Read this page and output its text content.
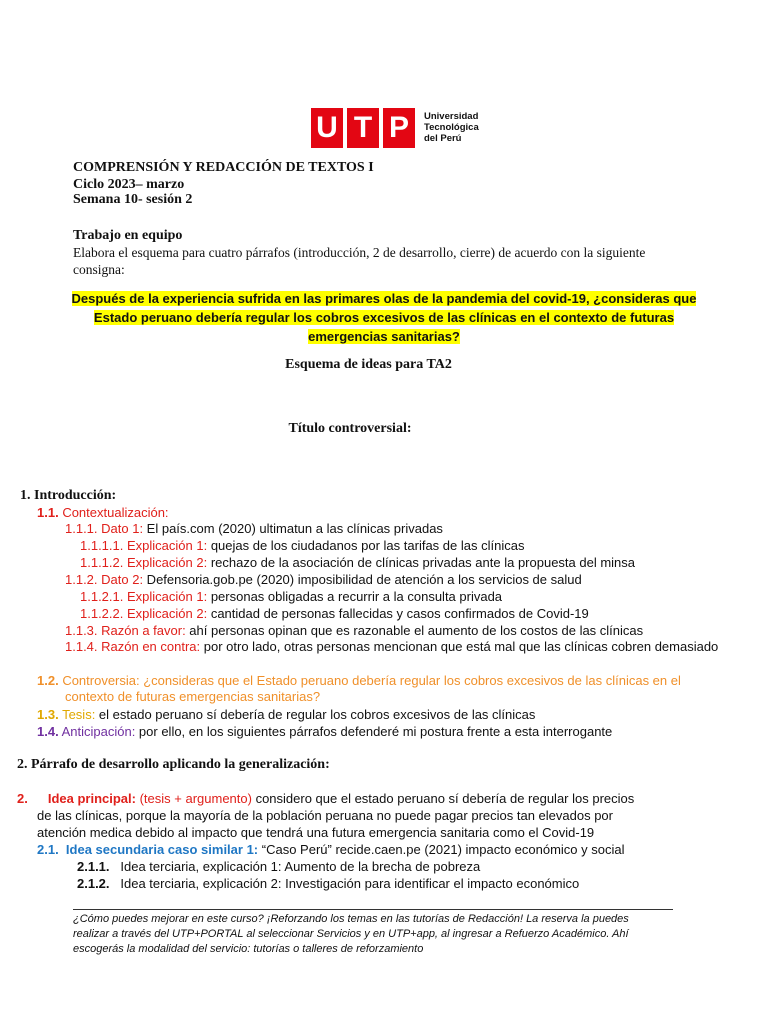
U T P	Universidad
Tecnológica
del Perú
COMPRENSIÓN Y REDACCIÓN DE TEXTOS I
Ciclo 2023– marzo
Semana 10- sesión 2
Trabajo en equipo
Elabora el esquema para cuatro párrafos (introducción, 2 de desarrollo, cierre) de acuerdo con la siguiente
consigna:
Después de la experiencia sufrida en las primares olas de la pandemia del covid-19, ¿consideras que
Estado peruano debería regular los cobros excesivos de las clínicas en el contexto de futuras
emergencias sanitarias?
Esquema de ideas para TA2
Título controversial:
1. Introducción:
1.1. Contextualización:
1.1.1. Dato 1: El país.com (2020) ultimatun a las clínicas privadas
1.1.1.1. Explicación 1: quejas de los ciudadanos por las tarifas de las clínicas
1.1.1.2. Explicación 2: rechazo de la asociación de clínicas privadas ante la propuesta del minsa
1.1.2. Dato 2: Defensoria.gob.pe (2020) imposibilidad de atención a los servicios de salud
1.1.2.1. Explicación 1: personas obligadas a recurrir a la consulta privada
1.1.2.2. Explicación 2: cantidad de personas fallecidas y casos confirmados de Covid-19
1.1.3. Razón a favor: ahí personas opinan que es razonable el aumento de los costos de las clínicas
1.1.4. Razón en contra: por otro lado, otras personas mencionan que está mal que las clínicas cobren demasiado
1.2. Controversia: ¿consideras que el Estado peruano debería regular los cobros excesivos de las clínicas en el
contexto de futuras emergencias sanitarias?
1.3. Tesis: el estado peruano sí debería de regular los cobros excesivos de las clínicas
1.4. Anticipación: por ello, en los siguientes párrafos defenderé mi postura frente a esta interrogante
2. Párrafo de desarrollo aplicando la generalización:
2. Idea principal: (tesis + argumento) considero que el estado peruano sí debería de regular los precios
de las clínicas, porque la mayoría de la población peruana no puede pagar precios tan elevados por
atención medica debido al impacto que tendrá una futura emergencia sanitaria como el Covid-19
2.1. Idea secundaria caso similar 1: “Caso Perú” recide.caen.pe (2021) impacto económico y social
2.1.1. Idea terciaria, explicación 1: Aumento de la brecha de pobreza
2.1.2. Idea terciaria, explicación 2: Investigación para identificar el impacto económico
¿Cómo puedes mejorar en este curso? ¡Reforzando los temas en las tutorías de Redacción! La reserva la puedes
realizar a través del UTP+PORTAL al seleccionar Servicios y en UTP+app, al ingresar a Refuerzo Académico. Ahí
escogerás la modalidad del servicio: tutorías o talleres de reforzamiento
